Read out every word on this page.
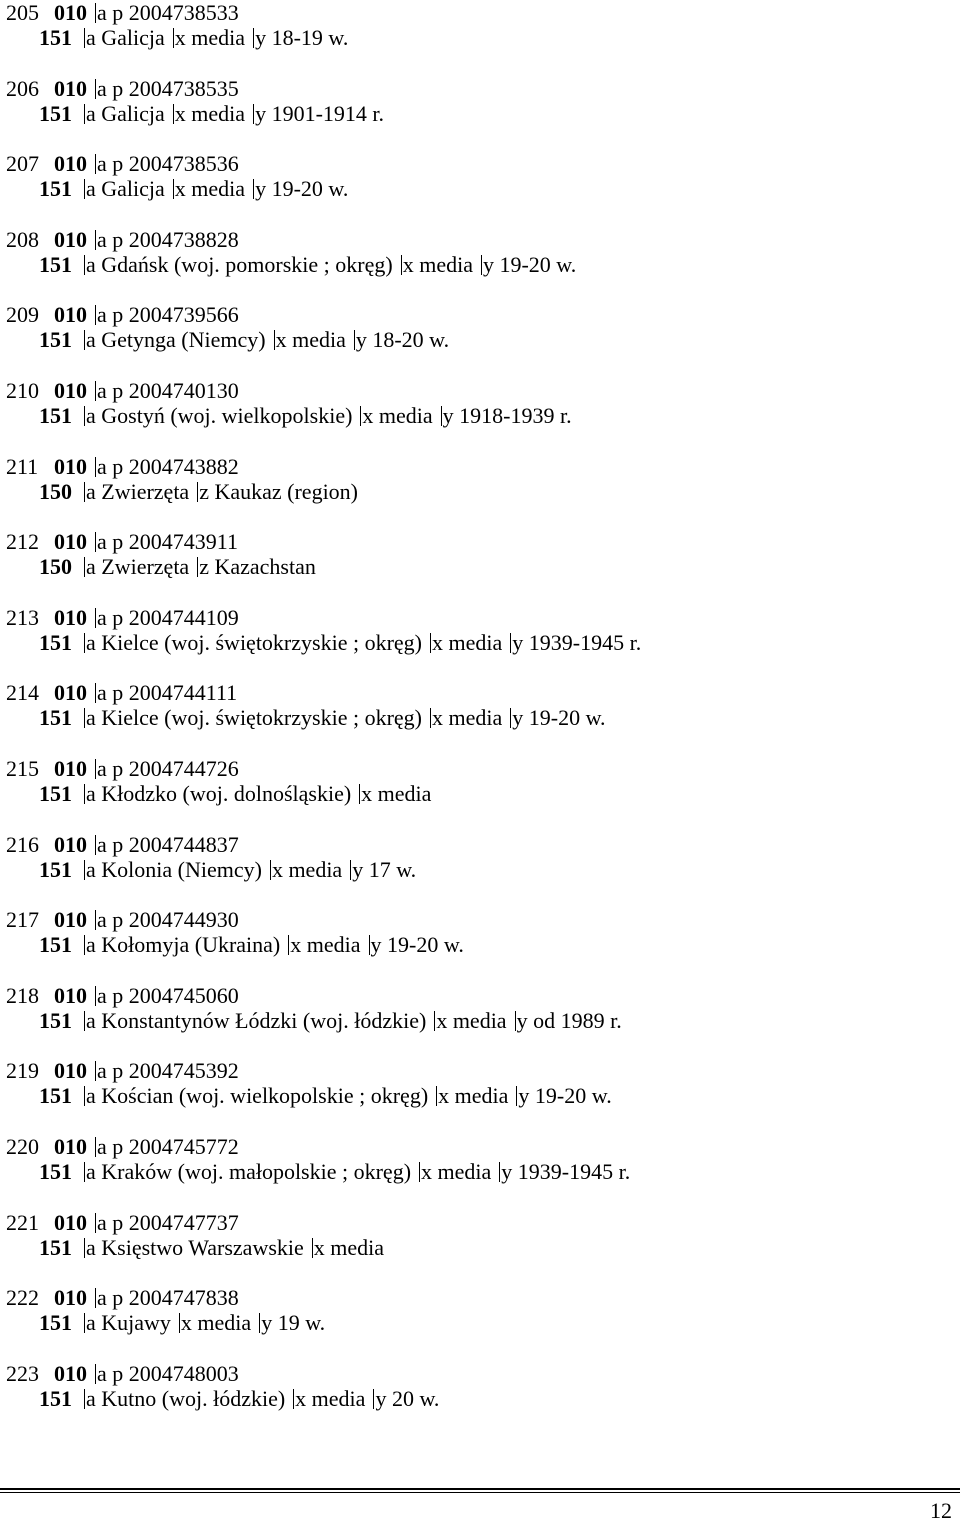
205 010 a p 2004738533
151 a Galicja x media y 18-19 w.
206 010 a p 2004738535
151 a Galicja x media y 1901-1914 r.
207 010 a p 2004738536
151 a Galicja x media y 19-20 w.
208 010 a p 2004738828
151 a Gdańsk (woj. pomorskie ; okręg) x media y 19-20 w.
209 010 a p 2004739566
151 a Getynga (Niemcy) x media y 18-20 w.
210 010 a p 2004740130
151 a Gostyń (woj. wielkopolskie) x media y 1918-1939 r.
211 010 a p 2004743882
150 a Zwierzęta z Kaukaz (region)
212 010 a p 2004743911
150 a Zwierzęta z Kazachstan
213 010 a p 2004744109
151 a Kielce (woj. świętokrzyskie ; okręg) x media y 1939-1945 r.
214 010 a p 2004744111
151 a Kielce (woj. świętokrzyskie ; okręg) x media y 19-20 w.
215 010 a p 2004744726
151 a Kłodzko (woj. dolnośląskie) x media
216 010 a p 2004744837
151 a Kolonia (Niemcy) x media y 17 w.
217 010 a p 2004744930
151 a Kołomyja (Ukraina) x media y 19-20 w.
218 010 a p 2004745060
151 a Konstantynów Łódzki (woj. łódzkie) x media y od 1989 r.
219 010 a p 2004745392
151 a Kościan (woj. wielkopolskie ; okręg) x media y 19-20 w.
220 010 a p 2004745772
151 a Kraków (woj. małopolskie ; okręg) x media y 1939-1945 r.
221 010 a p 2004747737
151 a Księstwo Warszawskie x media
222 010 a p 2004747838
151 a Kujawy x media y 19 w.
223 010 a p 2004748003
151 a Kutno (woj. łódzkie) x media y 20 w.
12
